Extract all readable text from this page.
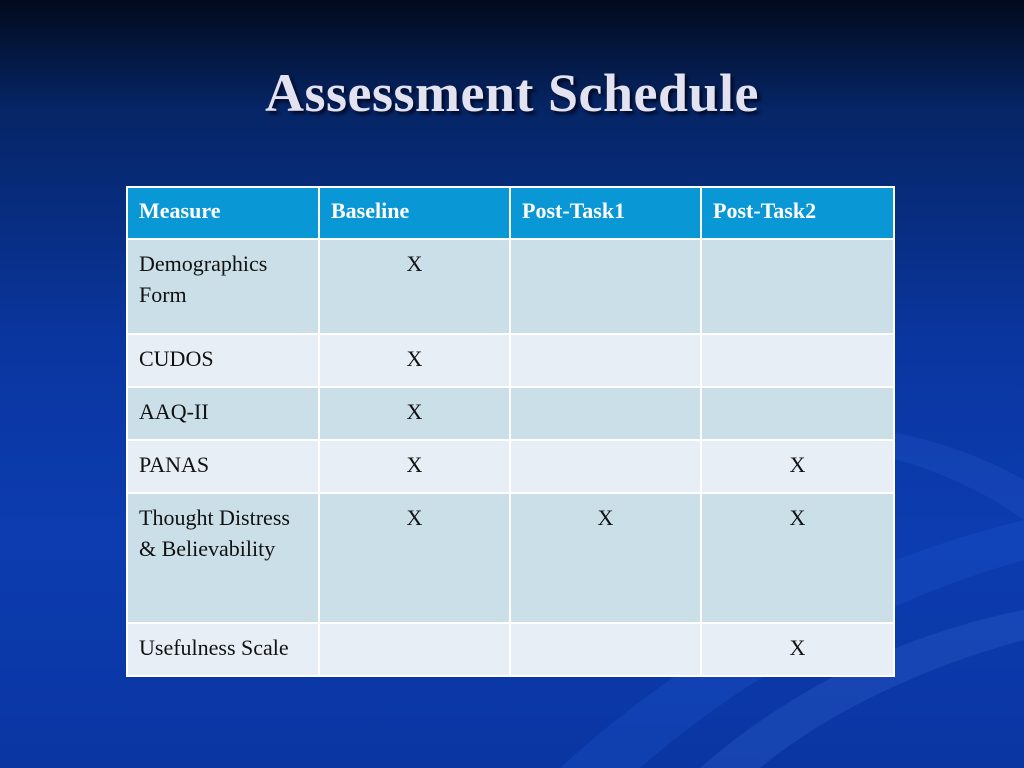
Assessment Schedule
Measure	Baseline	Post-Task1	Post-Task2
Demographics Form	X		
CUDOS	X		
AAQ-II	X		
PANAS	X		X
Thought Distress & Believability	X	X	X
Usefulness Scale			X
